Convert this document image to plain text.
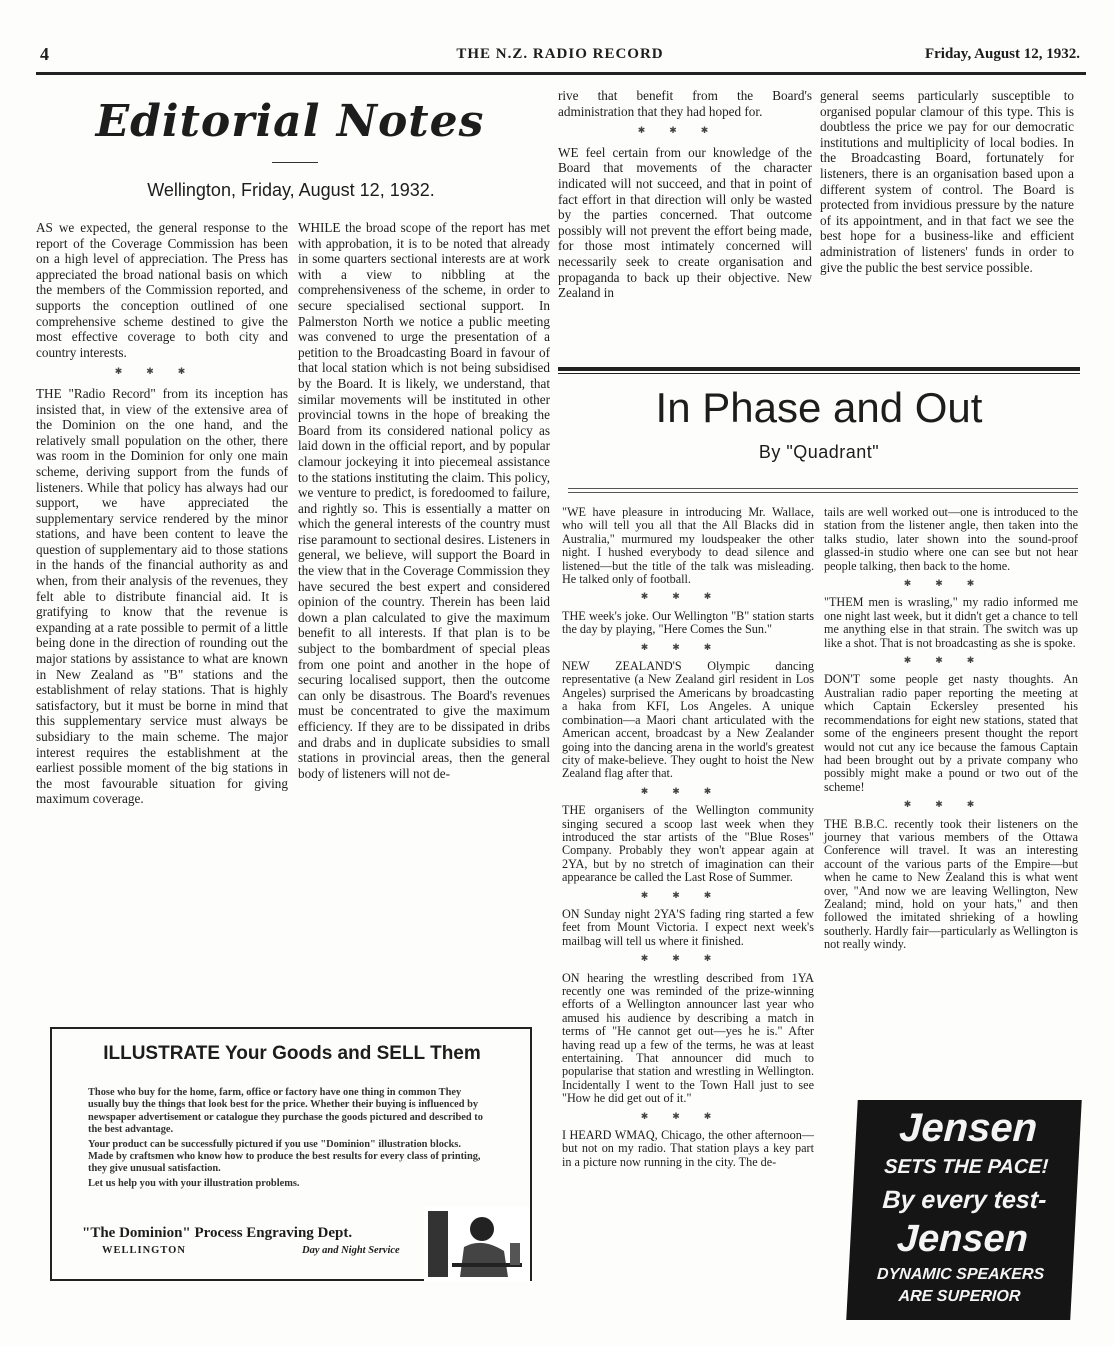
4	THE N.Z. RADIO RECORD	Friday, August 12, 1932.
Editorial Notes
Wellington, Friday, August 12, 1932.

AS we expected, the general response to the report of the Coverage Commission has been on a high level of appreciation. The Press has appreciated the broad national basis on which the members of the Commission reported, and supports the conception outlined of one comprehensive scheme destined to give the most effective coverage to both city and country interests.

✱✱✱

THE "Radio Record" from its inception has insisted that, in view of the extensive area of the Dominion on the one hand, and the relatively small population on the other, there was room in the Dominion for only one main scheme, deriving support from the funds of listeners. While that policy has always had our support, we have appreciated the supplementary service rendered by the minor stations, and have been content to leave the question of supplementary aid to those stations in the hands of the financial authority as and when, from their analysis of the revenues, they felt able to distribute financial aid. It is gratifying to know that the revenue is expanding at a rate possible to permit of a little being done in the direction of rounding out the major stations by assistance to what are known in New Zealand as "B" stations and the establishment of relay stations. That is highly satisfactory, but it must be borne in mind that this supplementary service must always be subsidiary to the main scheme. The major interest requires the establishment at the earliest possible moment of the big stations in the most favourable situation for giving maximum coverage.

WHILE the broad scope of the report has met with approbation, it is to be noted that already in some quarters sectional interests are at work with a view to nibbling at the comprehensiveness of the scheme, in order to secure specialised sectional support. In Palmerston North we notice a public meeting was convened to urge the presentation of a petition to the Broadcasting Board in favour of that local station which is not being subsidised by the Board. It is likely, we understand, that similar movements will be instituted in other provincial towns in the hope of breaking the Board from its considered national policy as laid down in the official report, and by popular clamour jockeying it into piecemeal assistance to the stations instituting the claim. This policy, we venture to predict, is foredoomed to failure, and rightly so. This is essentially a matter on which the general interests of the country must rise paramount to sectional desires. Listeners in general, we believe, will support the Board in the view that in the Coverage Commission they have secured the best expert and considered opinion of the country. Therein has been laid down a plan calculated to give the maximum benefit to all interests. If that plan is to be subject to the bombardment of special pleas from one point and another in the hope of securing localised support, then the outcome can only be disastrous. The Board's revenues must be concentrated to give the maximum efficiency. If they are to be dissipated in dribs and drabs and in duplicate subsidies to small stations in provincial areas, then the general body of listeners will not de-

rive that benefit from the Board's administration that they had hoped for.

✱✱✱

WE feel certain from our knowledge of the Board that movements of the character indicated will not succeed, and that in point of fact effort in that direction will only be wasted by the parties concerned. That outcome possibly will not prevent the effort being made, for those most intimately concerned will necessarily seek to create organisation and propaganda to back up their objective. New Zealand in

general seems particularly susceptible to organised popular clamour of this type. This is doubtless the price we pay for our democratic institutions and multiplicity of local bodies. In the Broadcasting Board, fortunately for listeners, there is an organisation based upon a different system of control. The Board is protected from invidious pressure by the nature of its appointment, and in that fact we see the best hope for a business-like and efficient administration of listeners' funds in order to give the public the best service possible.

In Phase and Out
By "Quadrant"

"WE have pleasure in introducing Mr. Wallace, who will tell you all that the All Blacks did in Australia," murmured my loudspeaker the other night. I hushed everybody to dead silence and listened—but the title of the talk was misleading. He talked only of football.

✱✱✱

THE week's joke. Our Wellington "B" station starts the day by playing, "Here Comes the Sun."

✱✱✱

NEW ZEALAND'S Olympic dancing representative (a New Zealand girl resident in Los Angeles) surprised the Americans by broadcasting a haka from KFI, Los Angeles. A unique combination—a Maori chant articulated with the American accent, broadcast by a New Zealander going into the dancing arena in the world's greatest city of make-believe. They ought to hoist the New Zealand flag after that.

✱✱✱

THE organisers of the Wellington community singing secured a scoop last week when they introduced the star artists of the "Blue Roses" Company. Probably they won't appear again at 2YA, but by no stretch of imagination can their appearance be called the Last Rose of Summer.

✱✱✱

ON Sunday night 2YA'S fading ring started a few feet from Mount Victoria. I expect next week's mailbag will tell us where it finished.

✱✱✱

ON hearing the wrestling described from 1YA recently one was reminded of the prize-winning efforts of a Wellington announcer last year who amused his audience by describing a match in terms of "He cannot get out—yes he is." After having read up a few of the terms, he was at least entertaining. That announcer did much to popularise that station and wrestling in Wellington. Incidentally I went to the Town Hall just to see "How he did get out of it."

✱✱✱

I HEARD WMAQ, Chicago, the other afternoon—but not on my radio. That station plays a key part in a picture now running in the city. The de-

tails are well worked out—one is introduced to the station from the listener angle, then taken into the talks studio, later shown into the sound-proof glassed-in studio where one can see but not hear people talking, then back to the home.

✱✱✱

"THEM men is wrasling," my radio informed me one night last week, but it didn't get a chance to tell me anything else in that strain. The switch was up like a shot. That is not broadcasting as she is spoke.

✱✱✱

DON'T some people get nasty thoughts. An Australian radio paper reporting the meeting at which Captain Eckersley presented his recommendations for eight new stations, stated that some of the engineers present thought the report would not cut any ice because the famous Captain had been brought out by a private company who possibly might make a pound or two out of the scheme!

✱✱✱

THE B.B.C. recently took their listeners on the journey that various members of the Ottawa Conference will travel. It was an interesting account of the various parts of the Empire—but when he came to New Zealand this is what went over, "And now we are leaving Wellington, New Zealand; mind, hold on your hats," and then followed the imitated shrieking of a howling southerly. Hardly fair—particularly as Wellington is not really windy.

ILLUSTRATE Your Goods and SELL Them

Those who buy for the home, farm, office or factory have one thing in common They usually buy the things that look best for the price. Whether their buying is influenced by newspaper advertisement or catalogue they purchase the goods pictured and described to the best advantage.

Your product can be successfully pictured if you use "Dominion" illustration blocks. Made by craftsmen who know how to produce the best results for every class of printing, they give unusual satisfaction.

Let us help you with your illustration problems.

"The Dominion" Process Engraving Dept.
WELLINGTON	Day and Night Service
Jensen
SETS THE PACE!
By every test-
Jensen
DYNAMIC SPEAKERS
ARE SUPERIOR
